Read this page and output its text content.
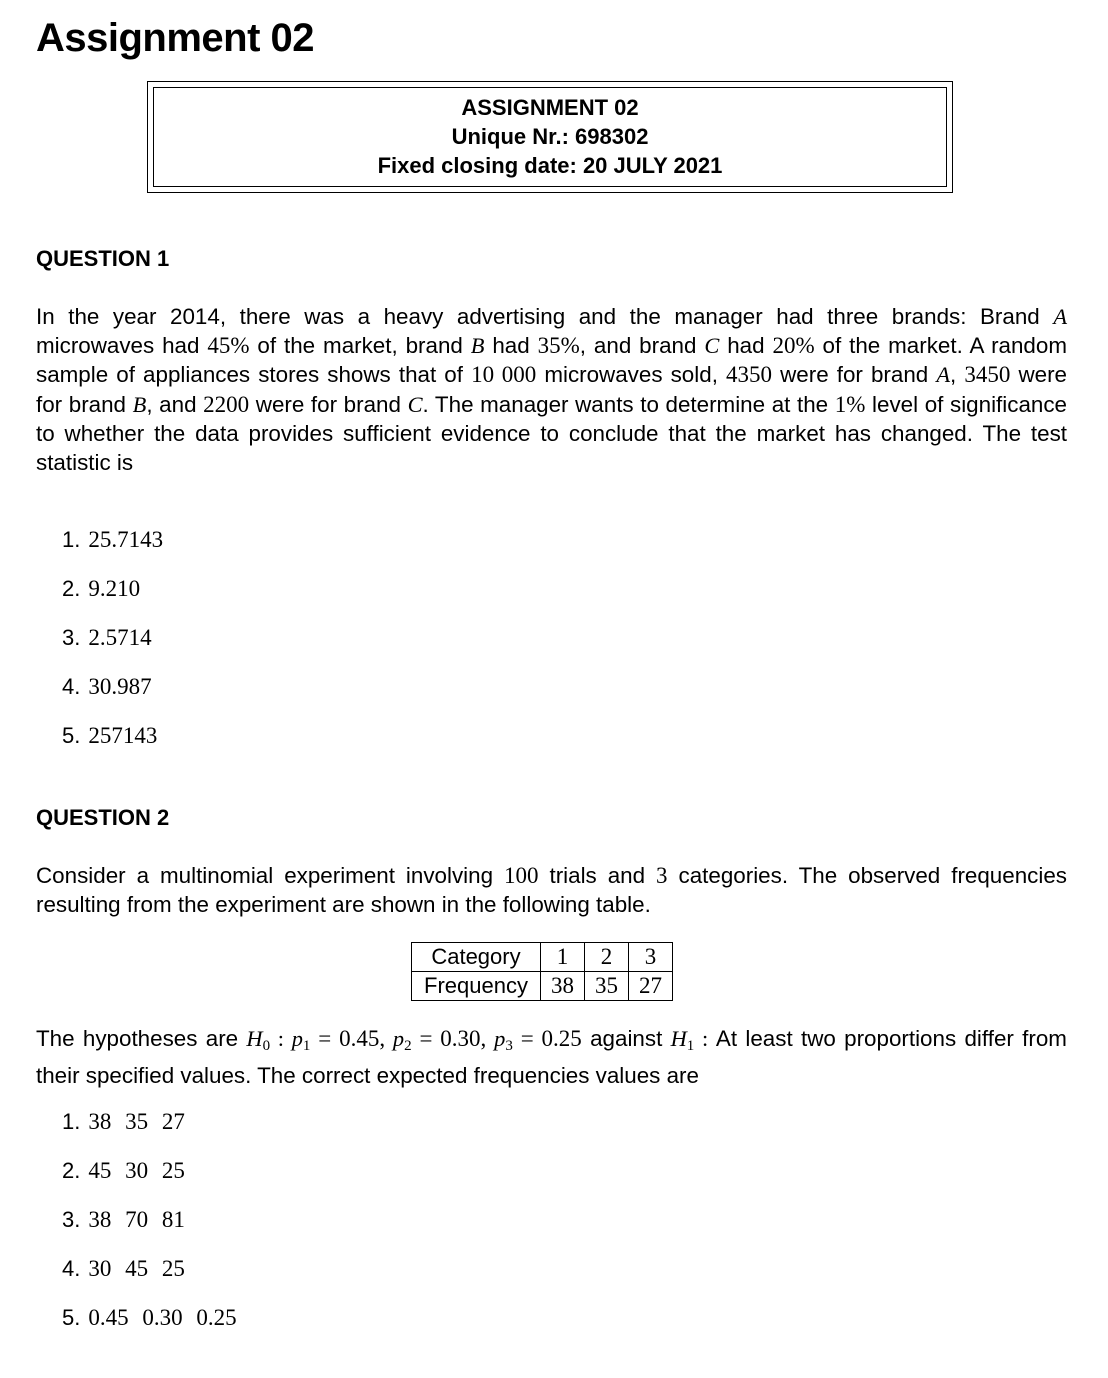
Assignment 02
ASSIGNMENT 02
Unique Nr.: 698302
Fixed closing date: 20 JULY 2021
QUESTION 1

In the year 2014, there was a heavy advertising and the manager had three brands: Brand A microwaves had 45% of the market, brand B had 35%, and brand C had 20% of the market. A random sample of appliances stores shows that of 10 000 microwaves sold, 4350 were for brand A, 3450 were for brand B, and 2200 were for brand C. The manager wants to determine at the 1% level of significance to whether the data provides sufficient evidence to conclude that the market has changed. The test statistic is

1. 25.7143
2. 9.210
3. 2.5714
4. 30.987
5. 257143
QUESTION 2

Consider a multinomial experiment involving 100 trials and 3 categories. The observed frequencies resulting from the experiment are shown in the following table.

Category	1	2	3
Frequency	38	35	27

The hypotheses are $H_0$ : $p_1 = 0.45$, $p_2 = 0.30$, $p_3 = 0.25$ against $H_1$ : At least two proportions differ from their specified values. The correct expected frequencies values are

1. 38 35 27
2. 45 30 25
3. 38 70 81
4. 30 45 25
5. 0.45 0.30 0.25
